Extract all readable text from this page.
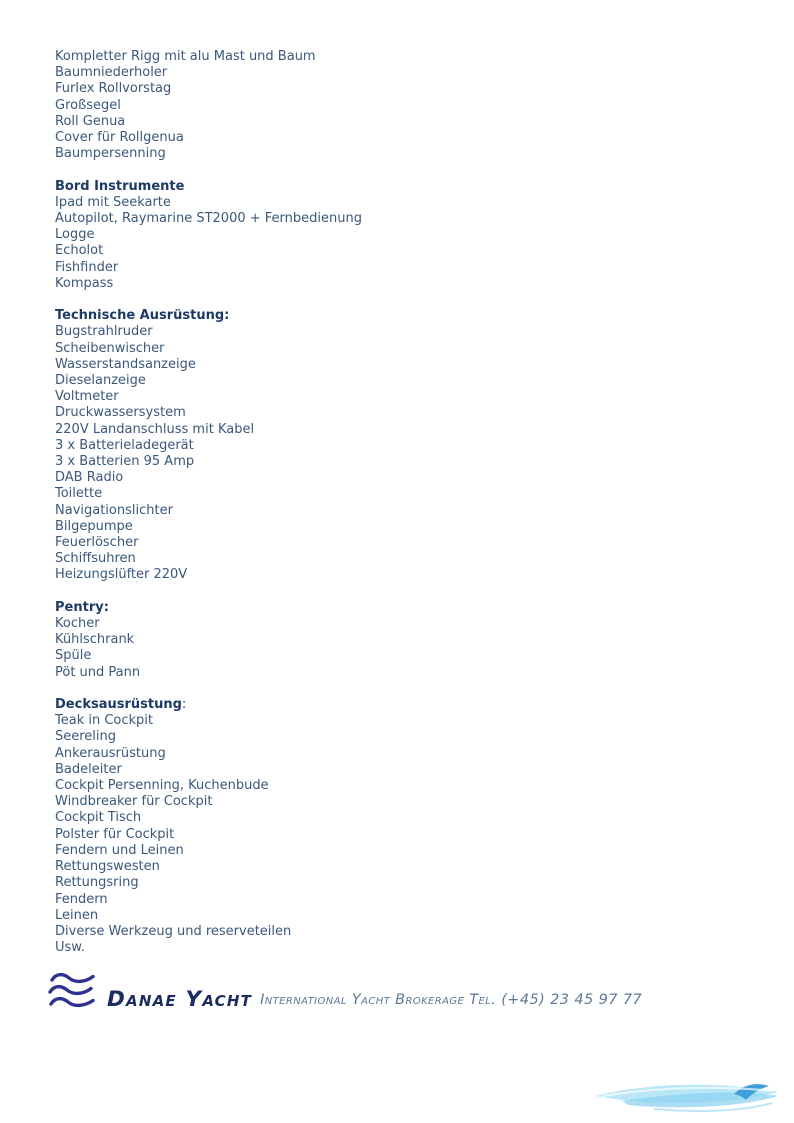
Kompletter Rigg mit alu Mast und Baum
Baumniederholer
Furlex Rollvorstag
Großsegel
Roll Genua
Cover für Rollgenua
Baumpersenning
Bord Instrumente
Ipad mit Seekarte
Autopilot, Raymarine ST2000 + Fernbedienung
Logge
Echolot
Fishfinder
Kompass
Technische Ausrüstung:
Bugstrahlruder
Scheibenwischer
Wasserstandsanzeige
Dieselanzeige
Voltmeter
Druckwassersystem
220V Landanschluss mit Kabel
3 x Batterieladegerät
3 x Batterien 95 Amp
DAB Radio
Toilette
Navigationslichter
Bilgepumpe
Feuerlöscher
Schiffsuhren
Heizungslüfter 220V
Pentry:
Kocher
Kühlschrank
Spüle
Pöt und Pann
Decksausrüstung:
Teak in Cockpit
Seereling
Ankerausrüstung
Badeleiter
Cockpit Persenning, Kuchenbude
Windbreaker für Cockpit
Cockpit Tisch
Polster für Cockpit
Fendern und Leinen
Rettungswesten
Rettungsring
Fendern
Leinen
Diverse Werkzeug und reserveteilen
Usw.
Danae Yacht International Yacht Brokerage Tel. (+45) 23 45 97 77
